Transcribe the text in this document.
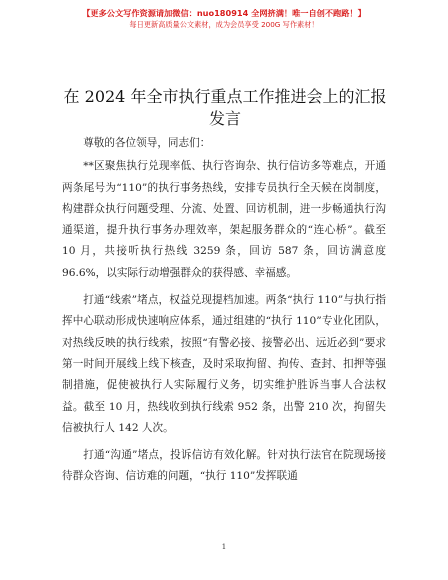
【更多公文写作资源请加微信：nuo180914 全网挤满！唯一自创不跑路！】
每日更新高质量公文素材，成为会员享受 200G 写作素材！
在 2024 年全市执行重点工作推进会上的汇报发言

尊敬的各位领导，同志们：

**区聚焦执行兑现率低、执行咨询杂、执行信访多等难点，开通两条尾号为“110”的执行事务热线，安排专员执行全天候在岗制度，构建群众执行问题受理、分流、处置、回访机制，进一步畅通执行沟通渠道，提升执行事务办理效率，架起服务群众的“连心桥”。截至 10 月，共接听执行热线 3259 条，回访 587 条，回访满意度 96.6%，以实际行动增强群众的获得感、幸福感。

打通“线索”堵点，权益兑现提档加速。两条“执行 110”与执行指挥中心联动形成快速响应体系，通过组建的“执行 110”专业化团队，对热线反映的执行线索，按照“有警必接、接警必出、远近必到”要求第一时间开展线上线下核查，及时采取拘留、拘传、查封、扣押等强制措施，促使被执行人实际履行义务，切实维护胜诉当事人合法权益。截至 10 月，热线收到执行线索 952 条，出警 210 次，拘留失信被执行人 142 人次。

打通“沟通”堵点，投诉信访有效化解。针对执行法官在院现场接待群众咨询、信访难的问题，“执行 110”发挥联通

1
